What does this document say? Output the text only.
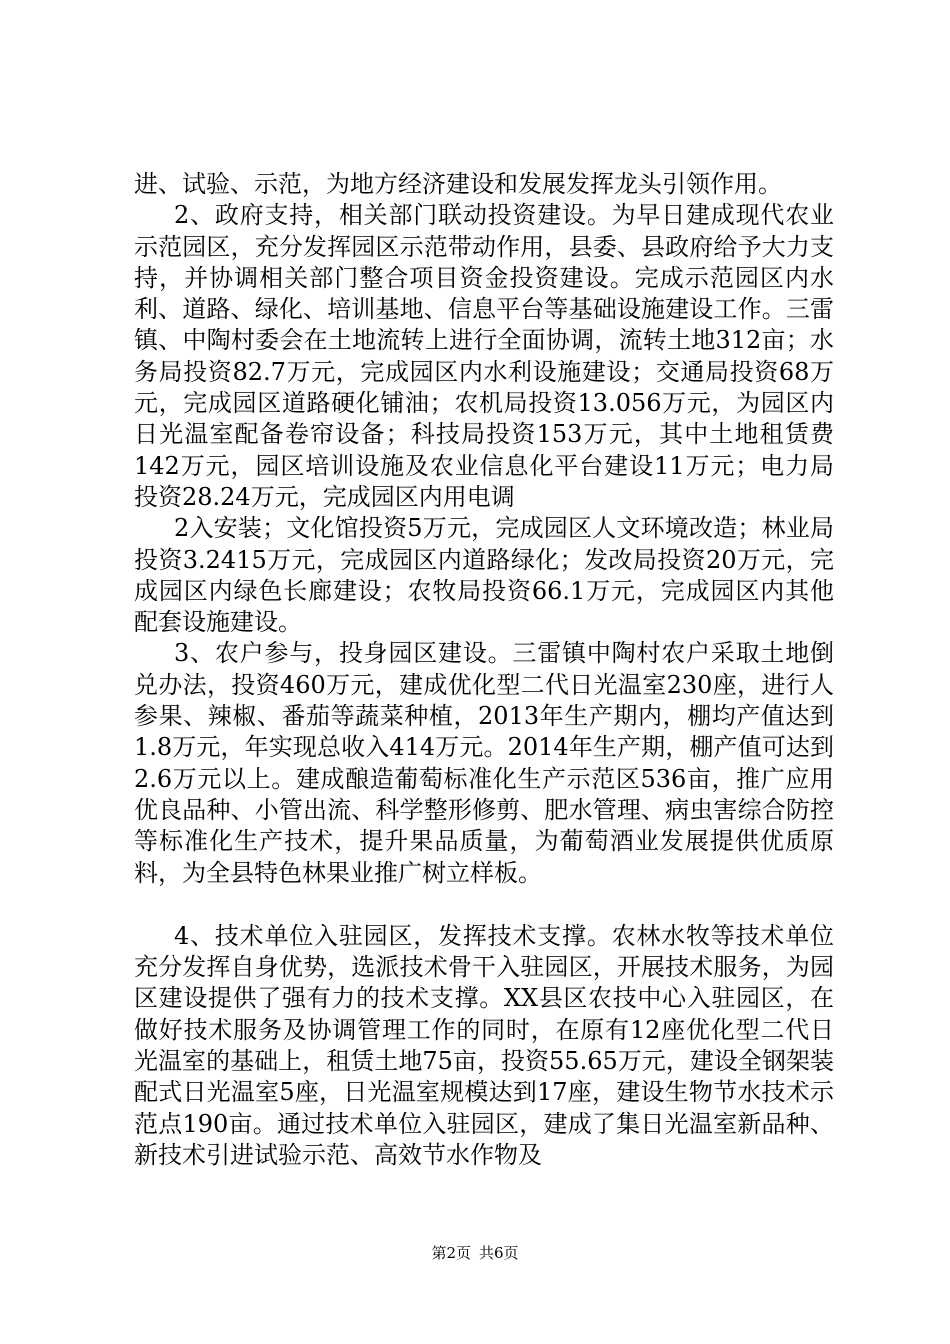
进、试验、示范，为地方经济建设和发展发挥龙头引领作用。

2、政府支持，相关部门联动投资建设。为早日建成现代农业示范园区，充分发挥园区示范带动作用，县委、县政府给予大力支持，并协调相关部门整合项目资金投资建设。完成示范园区内水利、道路、绿化、培训基地、信息平台等基础设施建设工作。三雷镇、中陶村委会在土地流转上进行全面协调，流转土地312亩；水务局投资82.7万元，完成园区内水利设施建设；交通局投资68万元，完成园区道路硬化铺油；农机局投资13.056万元，为园区内日光温室配备卷帘设备；科技局投资153万元，其中土地租赁费142万元，园区培训设施及农业信息化平台建设11万元；电力局投资28.24万元，完成园区内用电调

2入安装；文化馆投资5万元，完成园区人文环境改造；林业局投资3.2415万元，完成园区内道路绿化；发改局投资20万元，完成园区内绿色长廊建设；农牧局投资66.1万元，完成园区内其他配套设施建设。

3、农户参与，投身园区建设。三雷镇中陶村农户采取土地倒兑办法，投资460万元，建成优化型二代日光温室230座，进行人参果、辣椒、番茄等蔬菜种植，2013年生产期内，棚均产值达到1.8万元，年实现总收入414万元。2014年生产期，棚产值可达到2.6万元以上。建成酿造葡萄标准化生产示范区536亩，推广应用优良品种、小管出流、科学整形修剪、肥水管理、病虫害综合防控等标准化生产技术，提升果品质量，为葡萄酒业发展提供优质原料，为全县特色林果业推广树立样板。

4、技术单位入驻园区，发挥技术支撑。农林水牧等技术单位充分发挥自身优势，选派技术骨干入驻园区，开展技术服务，为园区建设提供了强有力的技术支撑。XX县区农技中心入驻园区，在做好技术服务及协调管理工作的同时，在原有12座优化型二代日光温室的基础上，租赁土地75亩，投资55.65万元，建设全钢架装配式日光温室5座，日光温室规模达到17座，建设生物节水技术示范点190亩。通过技术单位入驻园区，建成了集日光温室新品种、新技术引进试验示范、高效节水作物及

第2页 共6页
